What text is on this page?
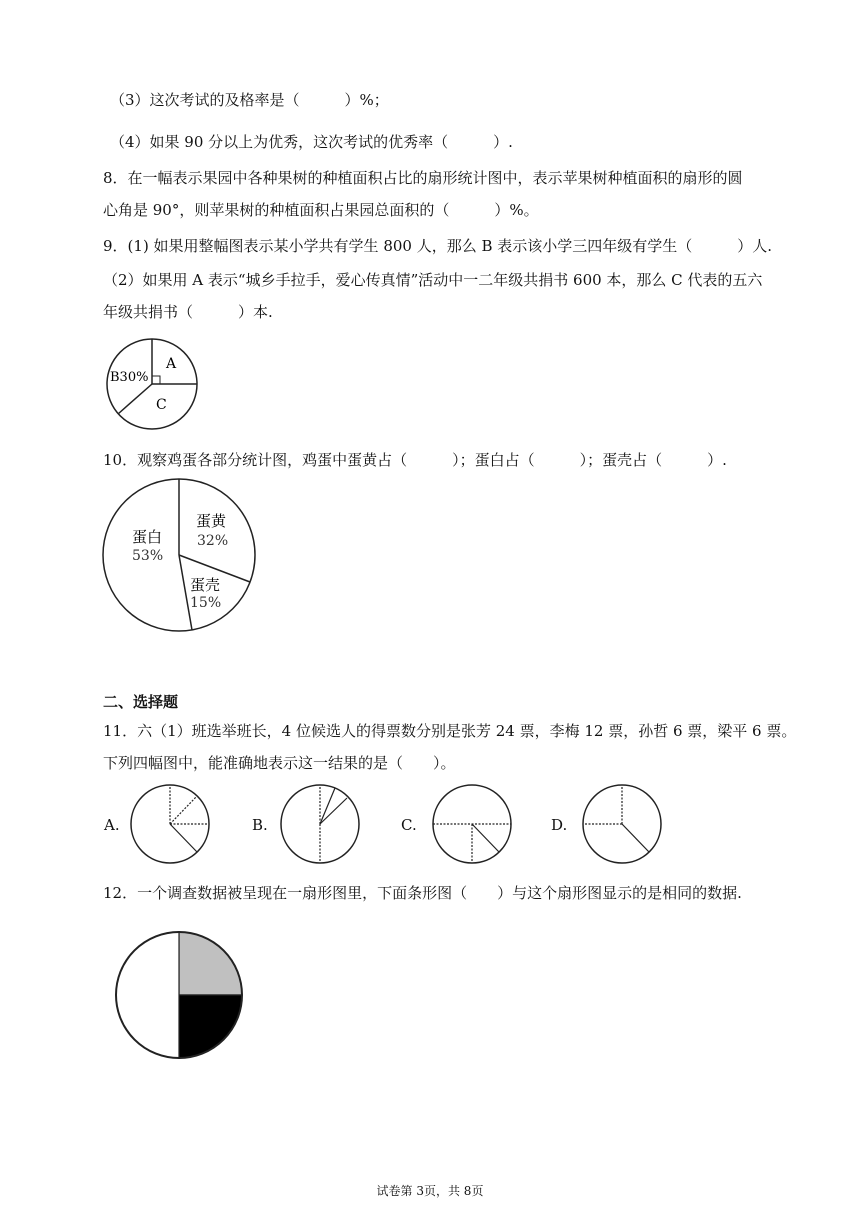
（3）这次考试的及格率是（　　　）%；
（4）如果 90 分以上为优秀，这次考试的优秀率（　　　）.
8．在一幅表示果园中各种果树的种植面积占比的扇形统计图中，表示苹果树种植面积的扇形的圆
心角是 90°，则苹果树的种植面积占果园总面积的（　　　）%。
9．(1) 如果用整幅图表示某小学共有学生 800 人，那么 B 表示该小学三四年级有学生（　　　）人.
（2）如果用 A 表示“城乡手拉手，爱心传真情”活动中一二年级共捐书 600 本，那么 C 代表的五六
年级共捐书（　　　）本.
A
B30%
C
10．观察鸡蛋各部分统计图，鸡蛋中蛋黄占（　　　）；蛋白占（　　　）；蛋壳占（　　　）.
蛋黄
32%
蛋白
53%
蛋壳
15%
二、选择题
11．六（1）班选举班长，4 位候选人的得票数分别是张芳 24 票，李梅 12 票，孙哲 6 票，梁平 6 票。
下列四幅图中，能准确地表示这一结果的是（　　）。
A.	B.	C.	D.
12．一个调查数据被呈现在一扇形图里，下面条形图（　　）与这个扇形图显示的是相同的数据.
试卷第 3页，共 8页
